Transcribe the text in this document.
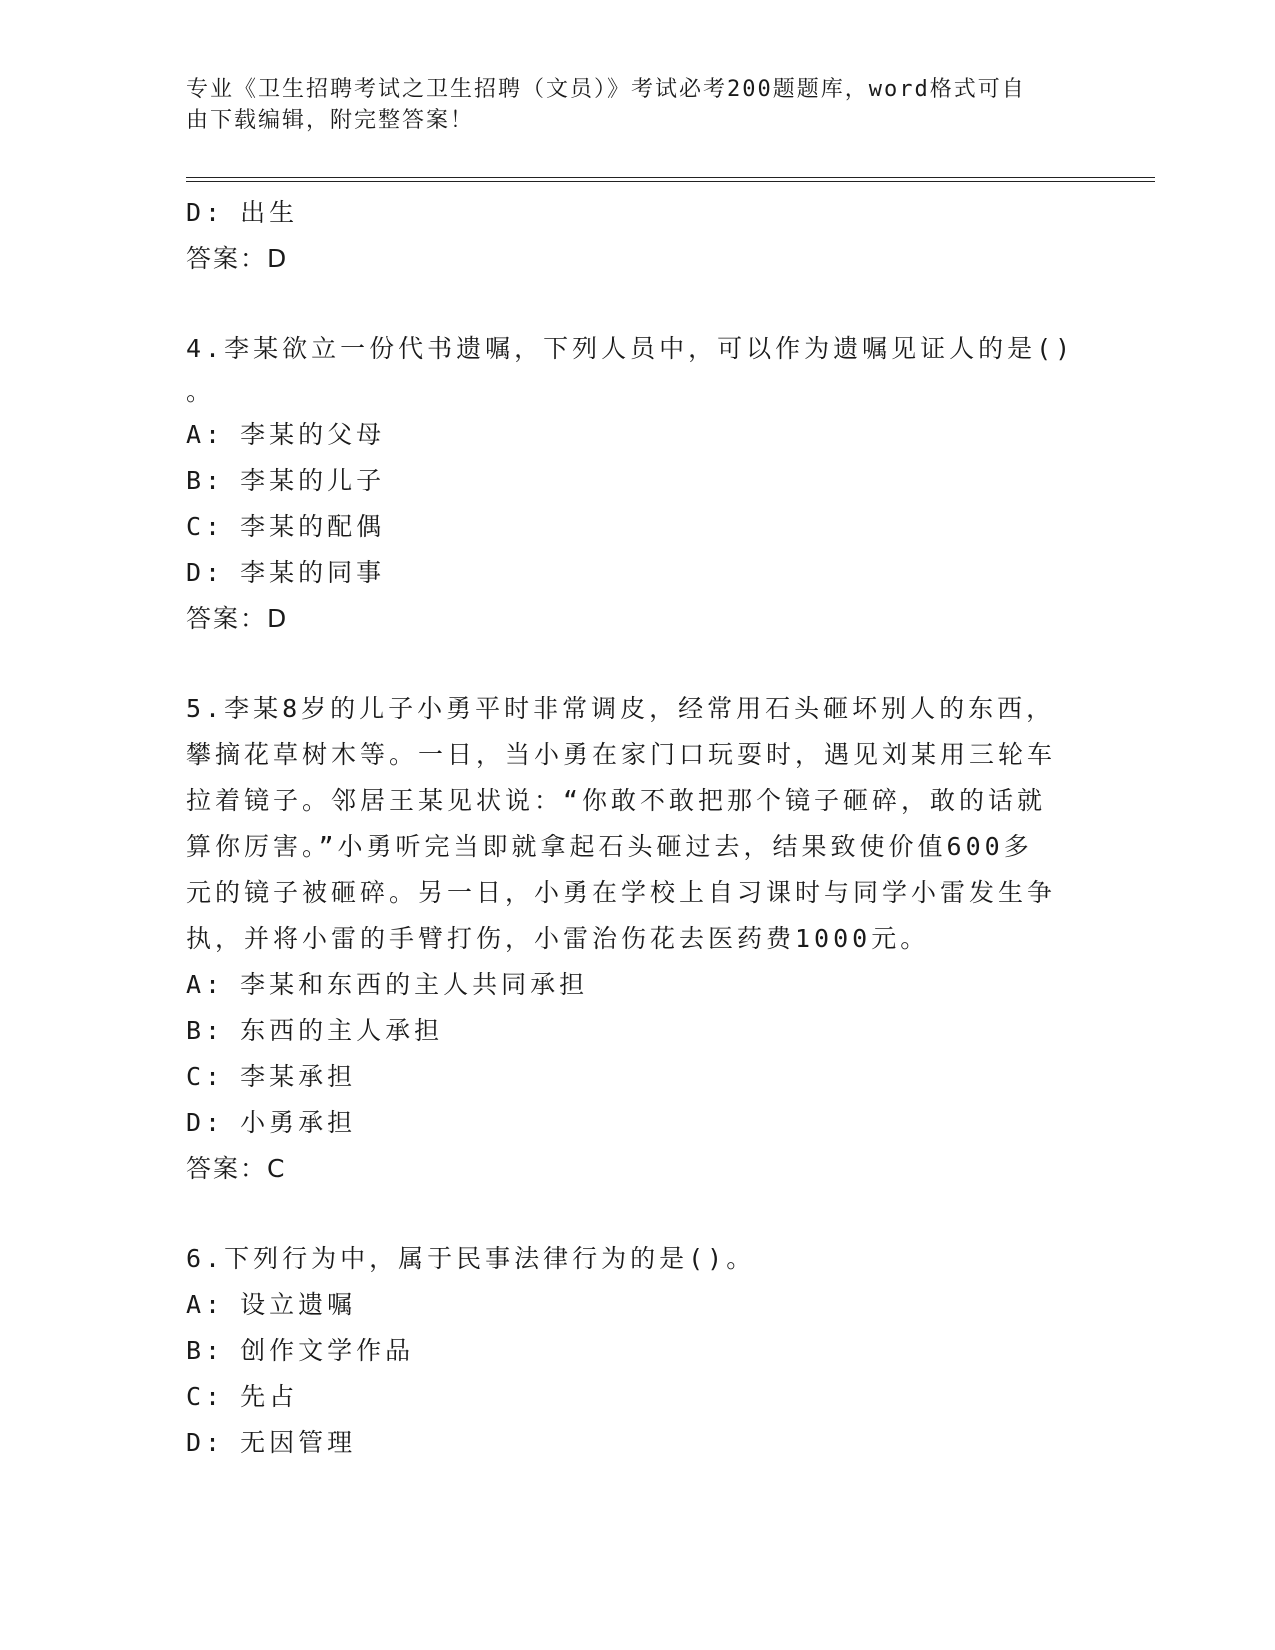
专业《卫生招聘考试之卫生招聘（文员）》考试必考200题题库，word格式可自
由下载编辑，附完整答案！
D: 出生
答案：D
4.李某欲立一份代书遗嘱，下列人员中，可以作为遗嘱见证人的是()
。
A: 李某的父母
B: 李某的儿子
C: 李某的配偶
D: 李某的同事
答案：D
5.李某8岁的儿子小勇平时非常调皮，经常用石头砸坏别人的东西，
攀摘花草树木等。一日，当小勇在家门口玩耍时，遇见刘某用三轮车
拉着镜子。邻居王某见状说：“你敢不敢把那个镜子砸碎，敢的话就
算你厉害。”小勇听完当即就拿起石头砸过去，结果致使价值600多
元的镜子被砸碎。另一日，小勇在学校上自习课时与同学小雷发生争
执，并将小雷的手臂打伤，小雷治伤花去医药费1000元。
A: 李某和东西的主人共同承担
B: 东西的主人承担
C: 李某承担
D: 小勇承担
答案：C
6.下列行为中，属于民事法律行为的是()。
A: 设立遗嘱
B: 创作文学作品
C: 先占
D: 无因管理
